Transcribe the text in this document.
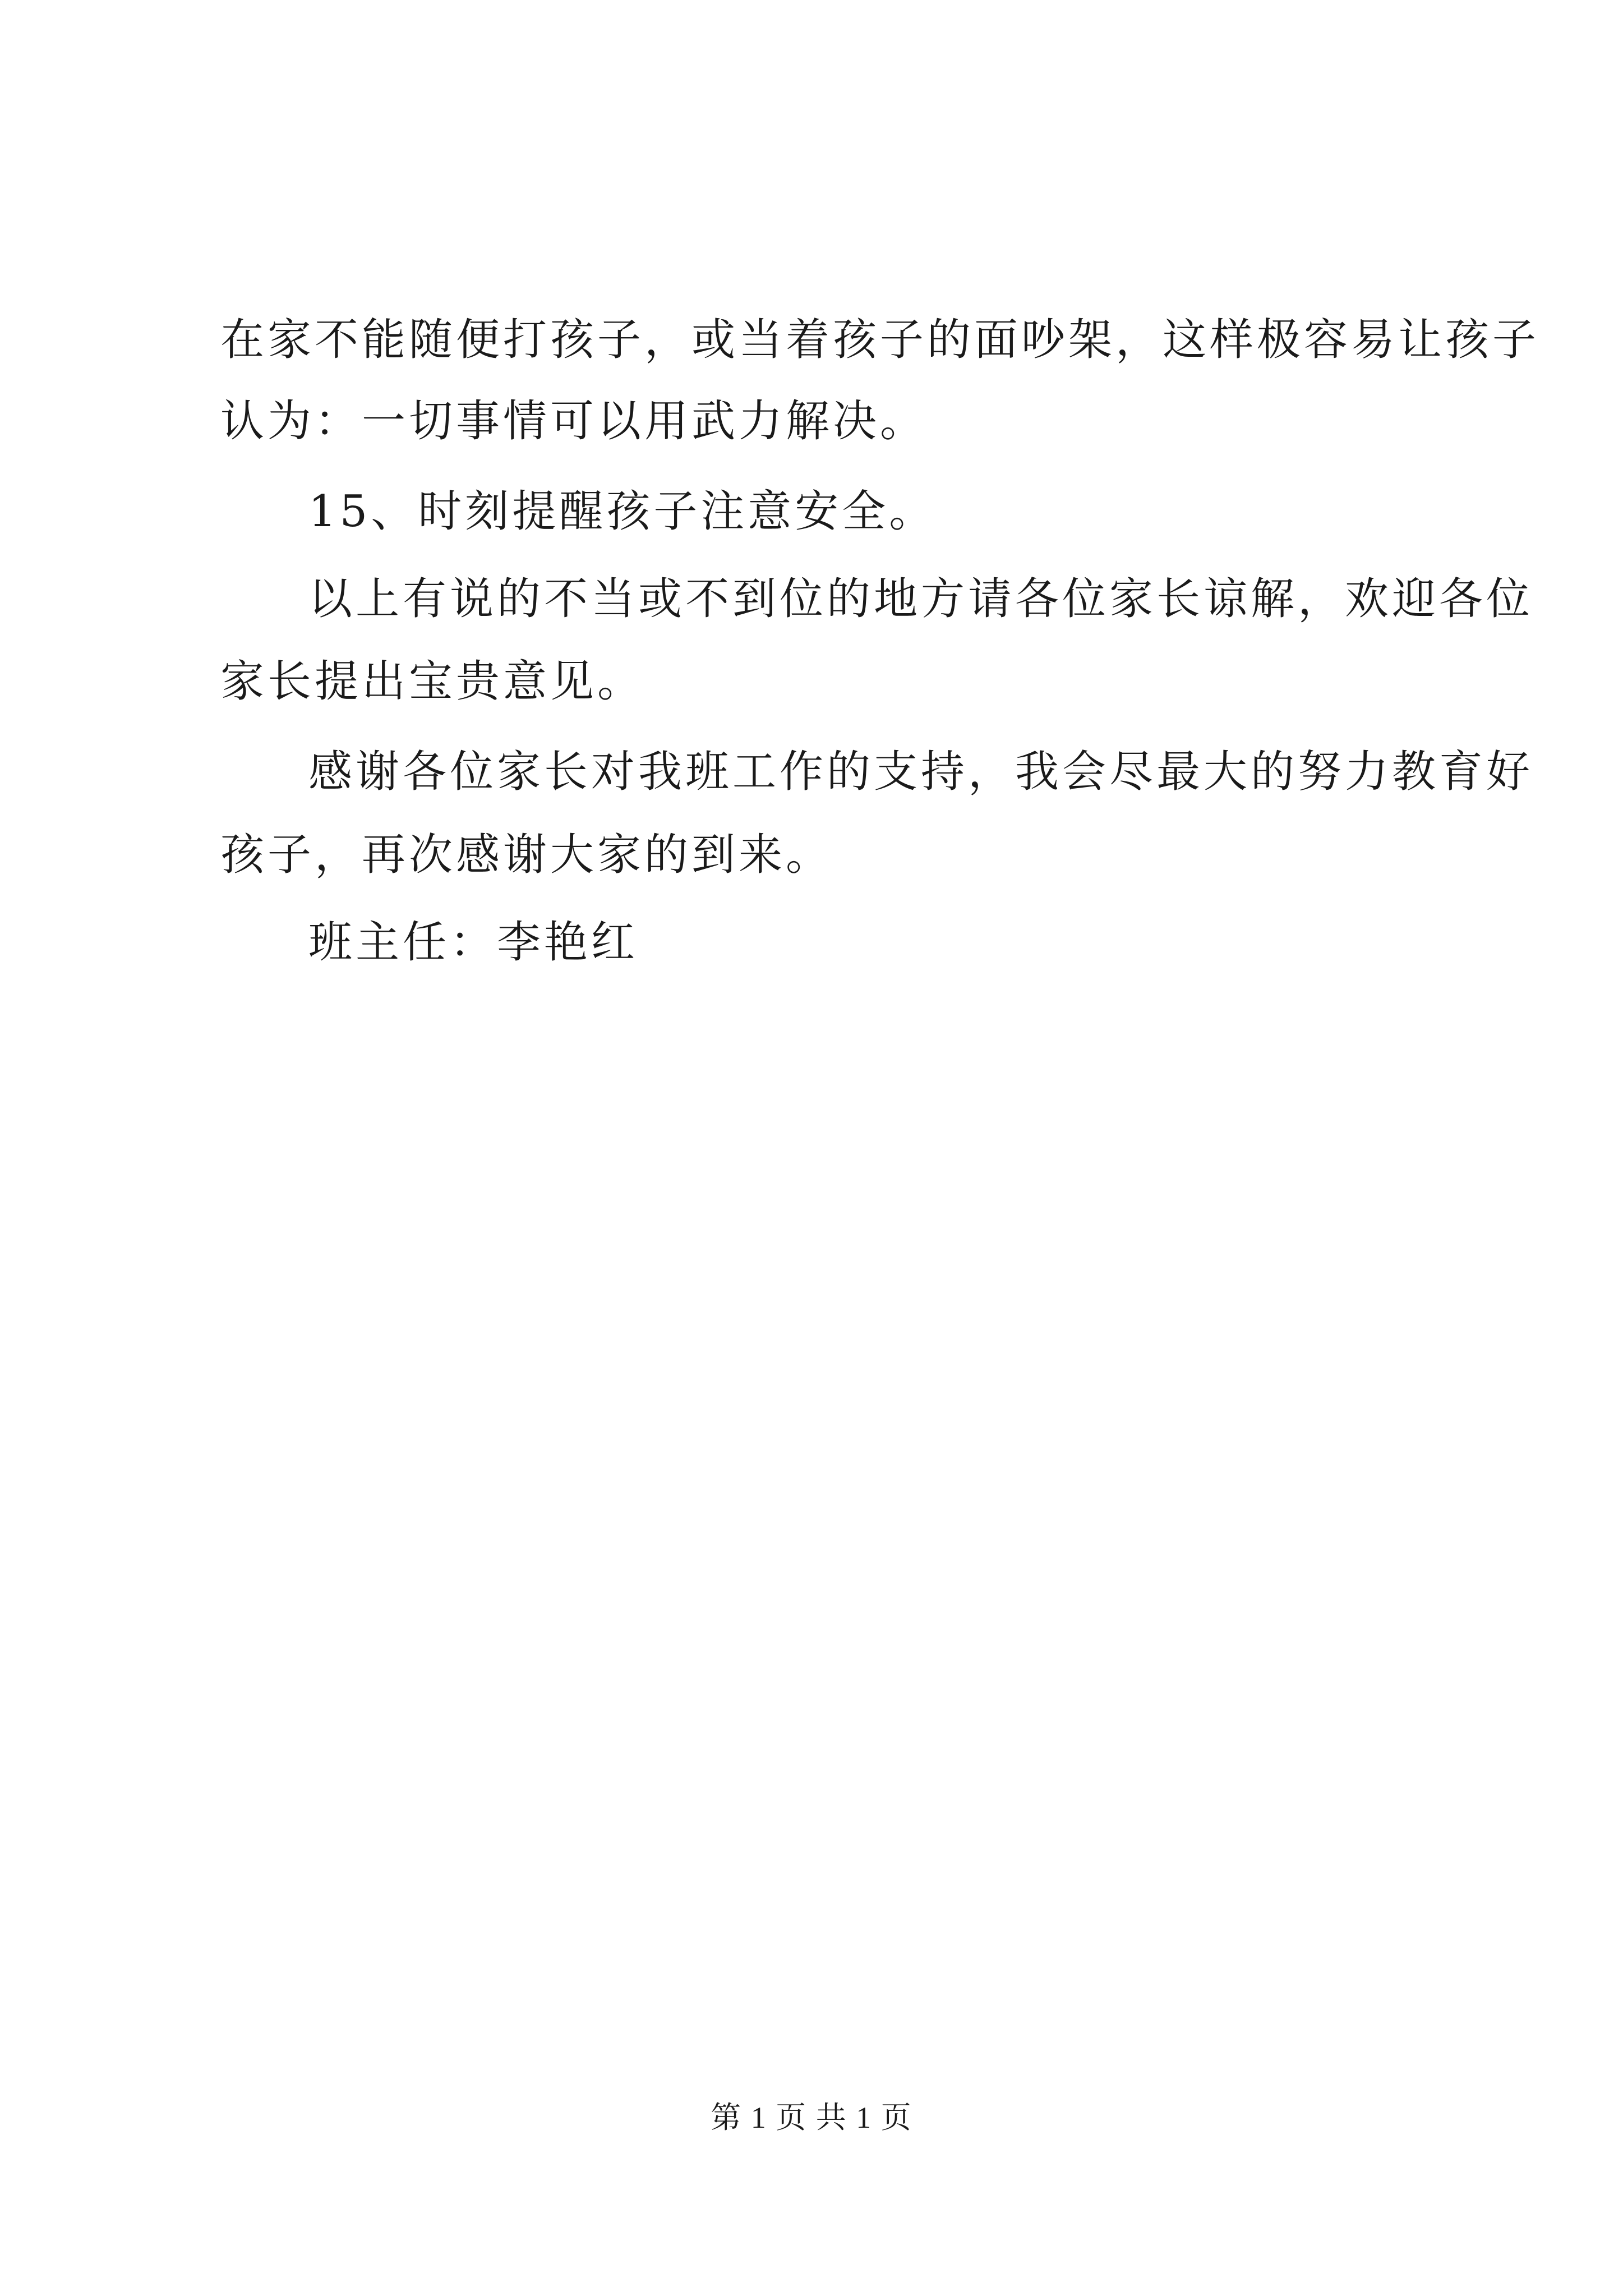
在家不能随便打孩子，或当着孩子的面吵架，这样极容易让孩子
认为：一切事情可以用武力解决。
15、时刻提醒孩子注意安全。
以上有说的不当或不到位的地方请各位家长谅解，欢迎各位
家长提出宝贵意见。
感谢各位家长对我班工作的支持，我会尽最大的努力教育好
孩子，再次感谢大家的到来。
班主任：李艳红
第 1 页 共 1 页
